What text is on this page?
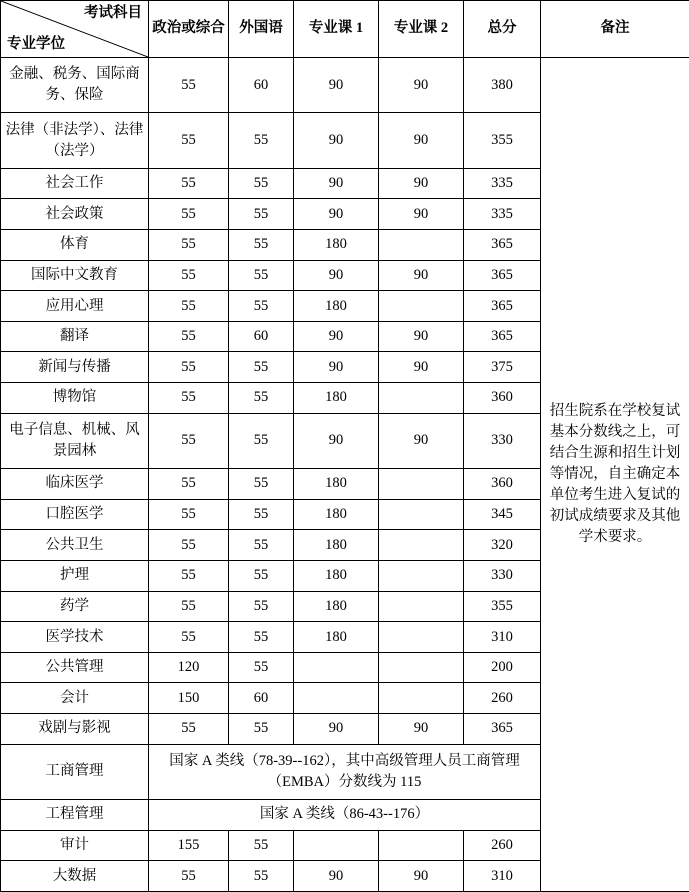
考试科目
专业学位	政治或综合	外国语	专业课 1	专业课 2	总分	备注
金融、税务、国际商务、保险	55	60	90	90	380	招生院系在学校复试基本分数线之上，可结合生源和招生计划等情况，自主确定本单位考生进入复试的初试成绩要求及其他学术要求。
法律（非法学）、法律（法学）	55	55	90	90	355	
社会工作	55	55	90	90	335	
社会政策	55	55	90	90	335	
体育	55	55	180		365	
国际中文教育	55	55	90	90	365	
应用心理	55	55	180		365	
翻译	55	60	90	90	365	
新闻与传播	55	55	90	90	375	
博物馆	55	55	180		360	
电子信息、机械、风景园林	55	55	90	90	330	
临床医学	55	55	180		360	
口腔医学	55	55	180		345	
公共卫生	55	55	180		320	
护理	55	55	180		330	
药学	55	55	180		355	
医学技术	55	55	180		310	
公共管理	120	55			200	
会计	150	60			260	
戏剧与影视	55	55	90	90	365	
工商管理	国家 A 类线（78-39--162），其中高级管理人员工商管理（EMBA）分数线为 115					
工程管理	国家 A 类线（86-43--176）					
审计	155	55			260	
大数据	55	55	90	90	310	
